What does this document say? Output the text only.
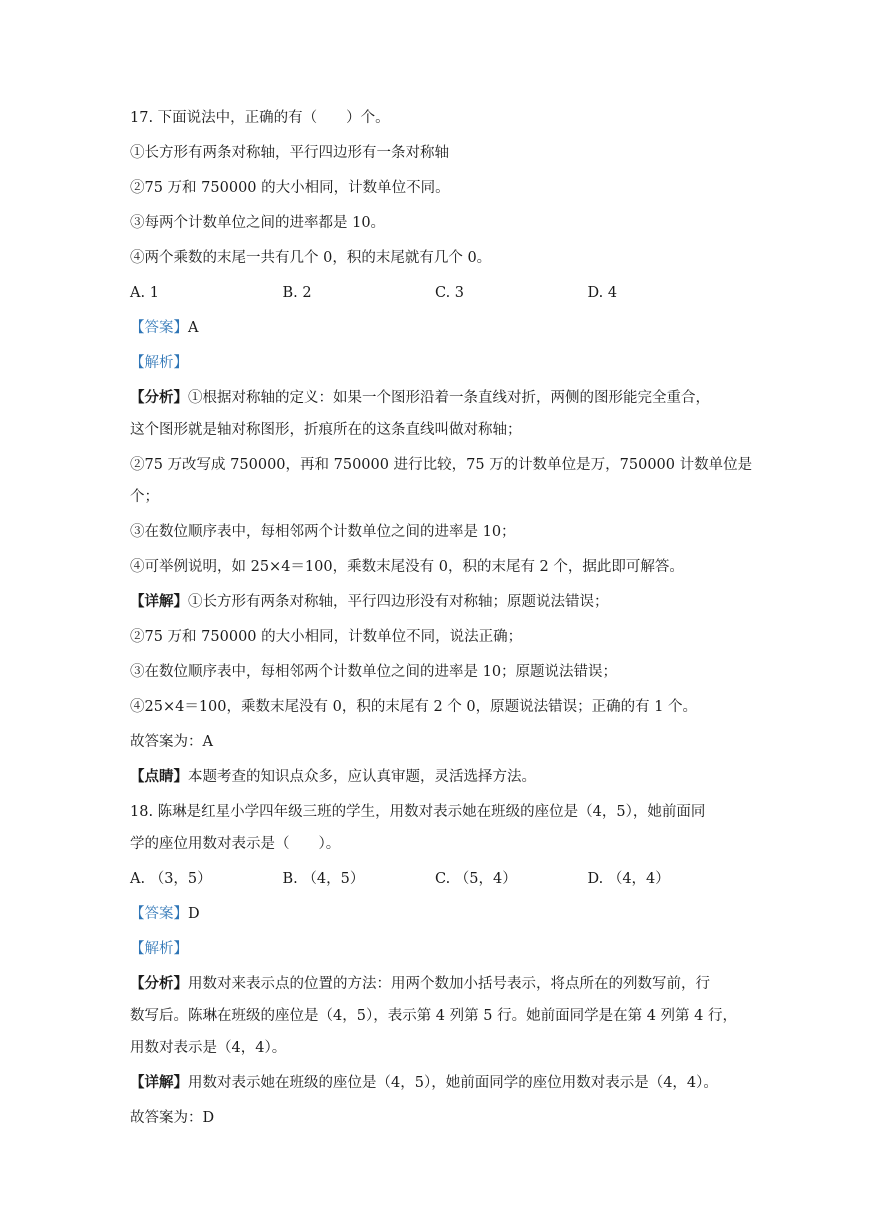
17. 下面说法中，正确的有（　　）个。

①长方形有两条对称轴，平行四边形有一条对称轴

②75 万和 750000 的大小相同，计数单位不同。

③每两个计数单位之间的进率都是 10。

④两个乘数的末尾一共有几个 0，积的末尾就有几个 0。

A. 1	B. 2	C. 3	D. 4

【答案】A

【解析】

【分析】①根据对称轴的定义：如果一个图形沿着一条直线对折，两侧的图形能完全重合，

这个图形就是轴对称图形，折痕所在的这条直线叫做对称轴；

②75 万改写成 750000，再和 750000 进行比较，75 万的计数单位是万，750000 计数单位是

个；

③在数位顺序表中，每相邻两个计数单位之间的进率是 10；

④可举例说明，如 25×4＝100，乘数末尾没有 0，积的末尾有 2 个，据此即可解答。

【详解】①长方形有两条对称轴，平行四边形没有对称轴；原题说法错误；

②75 万和 750000 的大小相同，计数单位不同，说法正确；

③在数位顺序表中，每相邻两个计数单位之间的进率是 10；原题说法错误；

④25×4＝100，乘数末尾没有 0，积的末尾有 2 个 0，原题说法错误；正确的有 1 个。

故答案为：A

【点睛】本题考查的知识点众多，应认真审题，灵活选择方法。

18. 陈琳是红星小学四年级三班的学生，用数对表示她在班级的座位是（4，5），她前面同

学的座位用数对表示是（　　）。

A. （3，5）	B. （4，5）	C. （5，4）	D. （4，4）

【答案】D

【解析】

【分析】用数对来表示点的位置的方法：用两个数加小括号表示，将点所在的列数写前，行

数写后。陈琳在班级的座位是（4，5），表示第 4 列第 5 行。她前面同学是在第 4 列第 4 行，

用数对表示是（4，4）。

【详解】用数对表示她在班级的座位是（4，5），她前面同学的座位用数对表示是（4，4）。

故答案为：D
